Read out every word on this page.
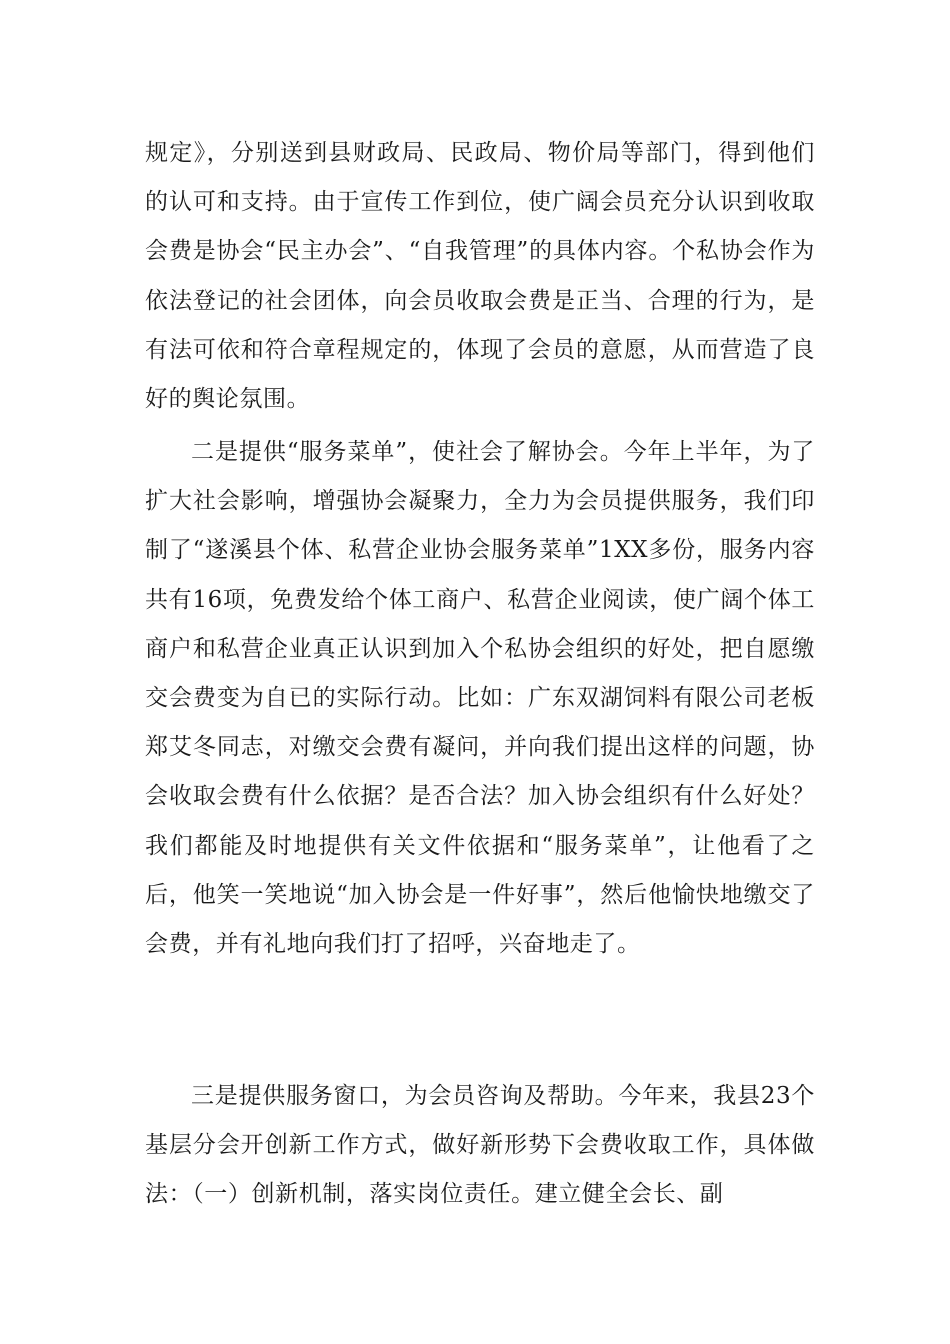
规定》，分别送到县财政局、民政局、物价局等部门，得到他们的认可和支持。由于宣传工作到位，使广阔会员充分认识到收取会费是协会“民主办会”、“自我管理”的具体内容。个私协会作为依法登记的社会团体，向会员收取会费是正当、合理的行为，是有法可依和符合章程规定的，体现了会员的意愿，从而营造了良好的舆论氛围。

二是提供“服务菜单”，使社会了解协会。今年上半年，为了扩大社会影响，增强协会凝聚力，全力为会员提供服务，我们印制了“遂溪县个体、私营企业协会服务菜单”1XX多份，服务内容共有16项，免费发给个体工商户、私营企业阅读，使广阔个体工商户和私营企业真正认识到加入个私协会组织的好处，把自愿缴交会费变为自已的实际行动。比如：广东双湖饲料有限公司老板郑艾冬同志，对缴交会费有凝问，并向我们提出这样的问题，协会收取会费有什么依据？是否合法？加入协会组织有什么好处？我们都能及时地提供有关文件依据和“服务菜单”，让他看了之后，他笑一笑地说“加入协会是一件好事”，然后他愉快地缴交了会费，并有礼地向我们打了招呼，兴奋地走了。

三是提供服务窗口，为会员咨询及帮助。今年来，我县23个基层分会开创新工作方式，做好新形势下会费收取工作，具体做法：（一）创新机制，落实岗位责任。建立健全会长、副
